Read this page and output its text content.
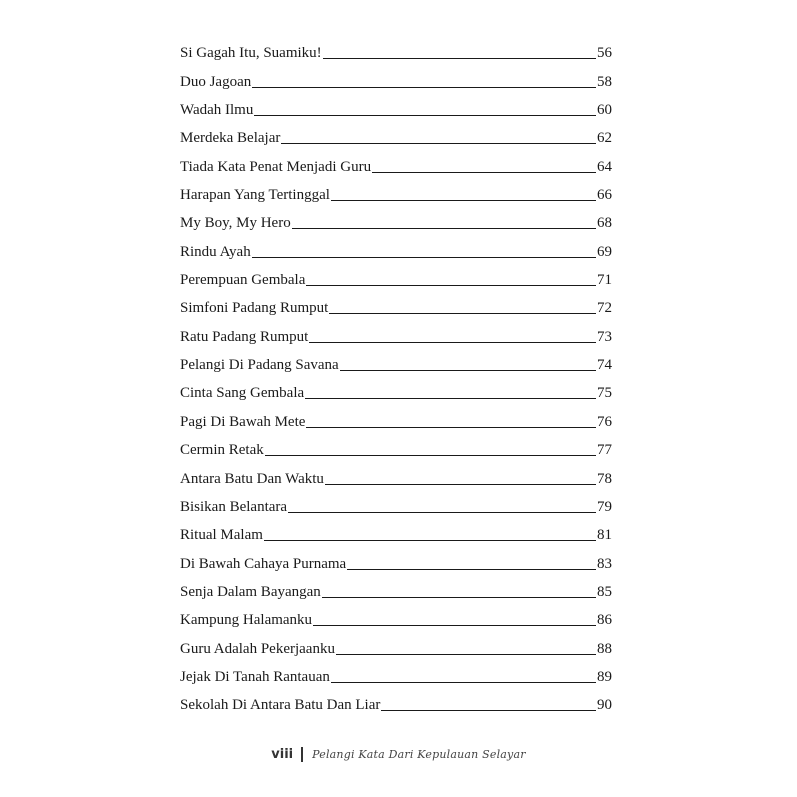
Si Gagah Itu, Suamiku!	56
Duo Jagoan	58
Wadah Ilmu	60
Merdeka Belajar	62
Tiada Kata Penat Menjadi Guru	64
Harapan Yang Tertinggal	66
My Boy, My Hero	68
Rindu Ayah	69
Perempuan Gembala	71
Simfoni Padang Rumput	72
Ratu Padang Rumput	73
Pelangi Di Padang Savana	74
Cinta Sang Gembala	75
Pagi Di Bawah Mete	76
Cermin Retak	77
Antara Batu Dan Waktu	78
Bisikan Belantara	79
Ritual Malam	81
Di Bawah Cahaya Purnama	83
Senja Dalam Bayangan	85
Kampung Halamanku	86
Guru Adalah Pekerjaanku	88
Jejak Di Tanah Rantauan	89
Sekolah Di Antara Batu Dan Liar	90
viii Pelangi Kata Dari Kepulauan Selayar
